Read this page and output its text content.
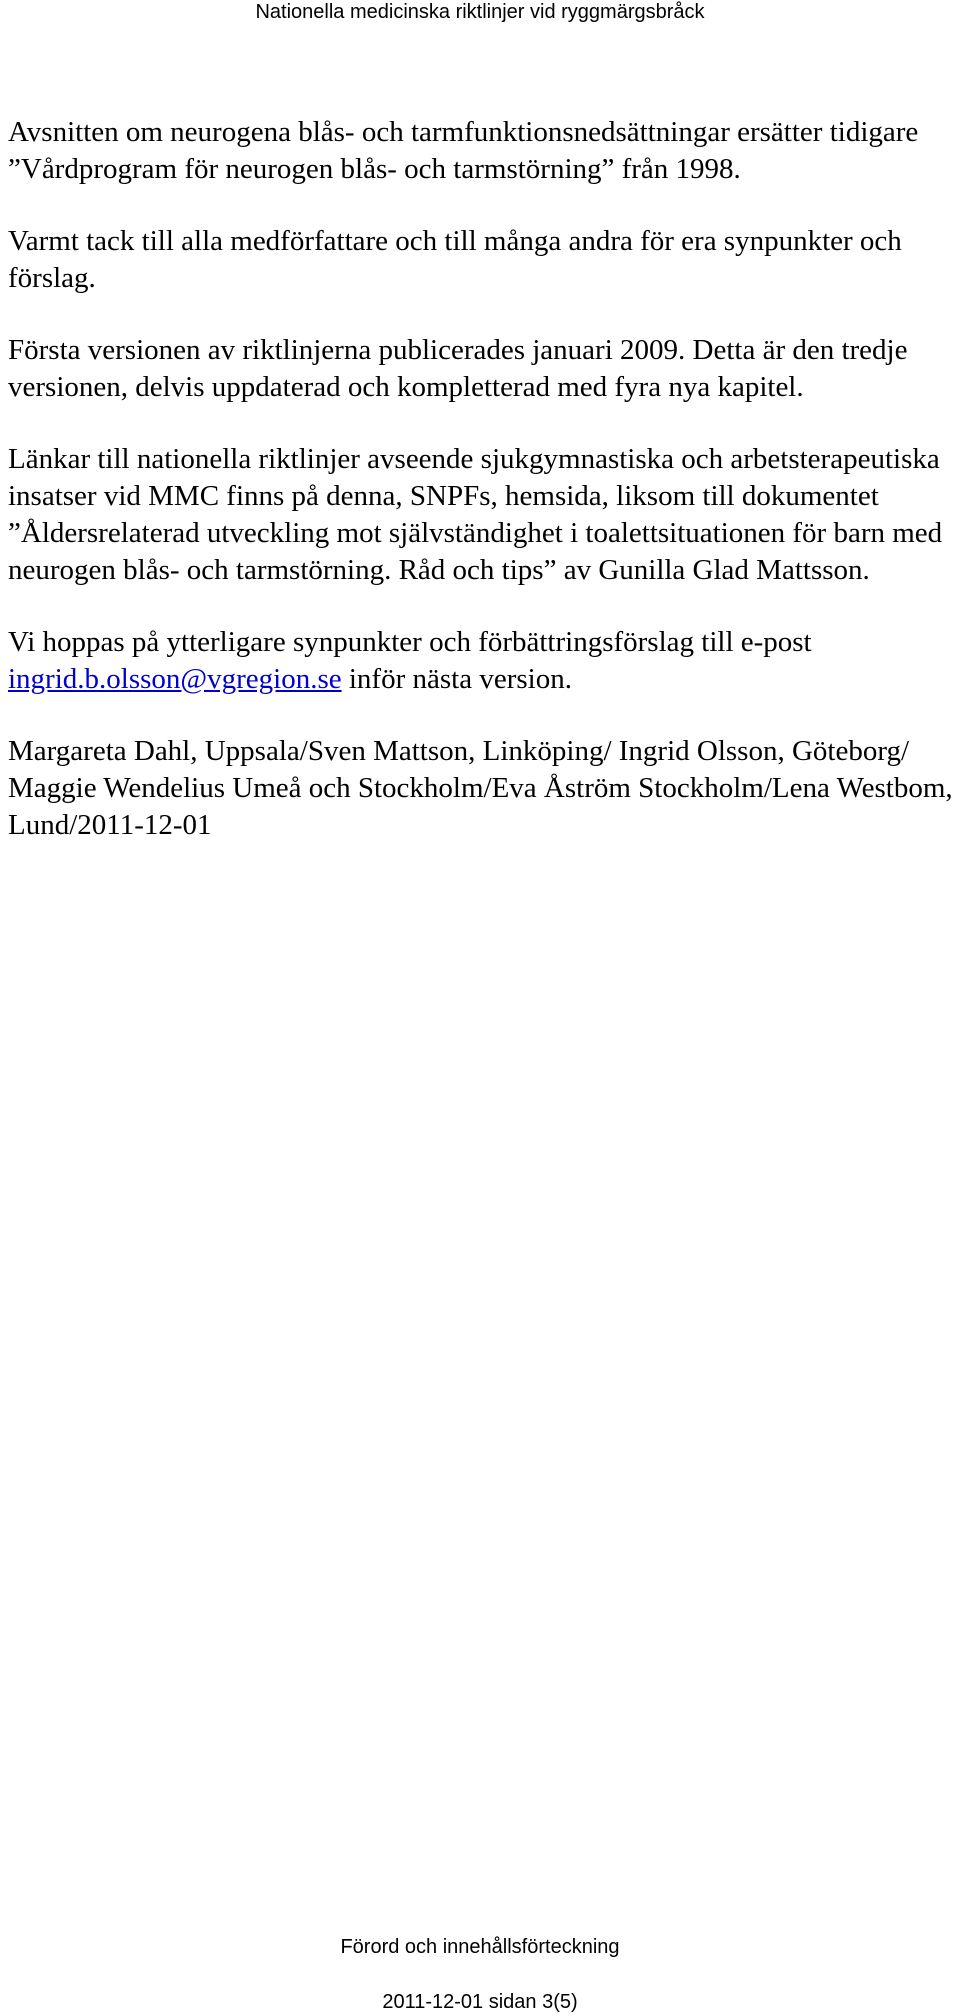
Nationella medicinska riktlinjer vid ryggmärgsbråck

Avsnitten om neurogena blås- och tarmfunktionsnedsättningar ersätter tidigare ”Vårdprogram för neurogen blås- och tarmstörning” från 1998.

Varmt tack till alla medförfattare och till många andra för era synpunkter och förslag.

Första versionen av riktlinjerna publicerades januari 2009. Detta är den tredje versionen, delvis uppdaterad och kompletterad med fyra nya kapitel.

Länkar till nationella riktlinjer avseende sjukgymnastiska och arbetsterapeutiska insatser vid MMC finns på denna, SNPFs, hemsida, liksom till dokumentet ”Åldersrelaterad utveckling mot självständighet i toalettsituationen för barn med neurogen blås- och tarmstörning. Råd och tips” av Gunilla Glad Mattsson.

Vi hoppas på ytterligare synpunkter och förbättringsförslag till e-post ingrid.b.olsson@vgregion.se inför nästa version.

Margareta Dahl, Uppsala/Sven Mattson, Linköping/ Ingrid Olsson, Göteborg/ Maggie Wendelius Umeå och Stockholm/Eva Åström Stockholm/Lena Westbom, Lund/2011-12-01

Förord och innehållsförteckning
2011-12-01 sidan 3(5)
